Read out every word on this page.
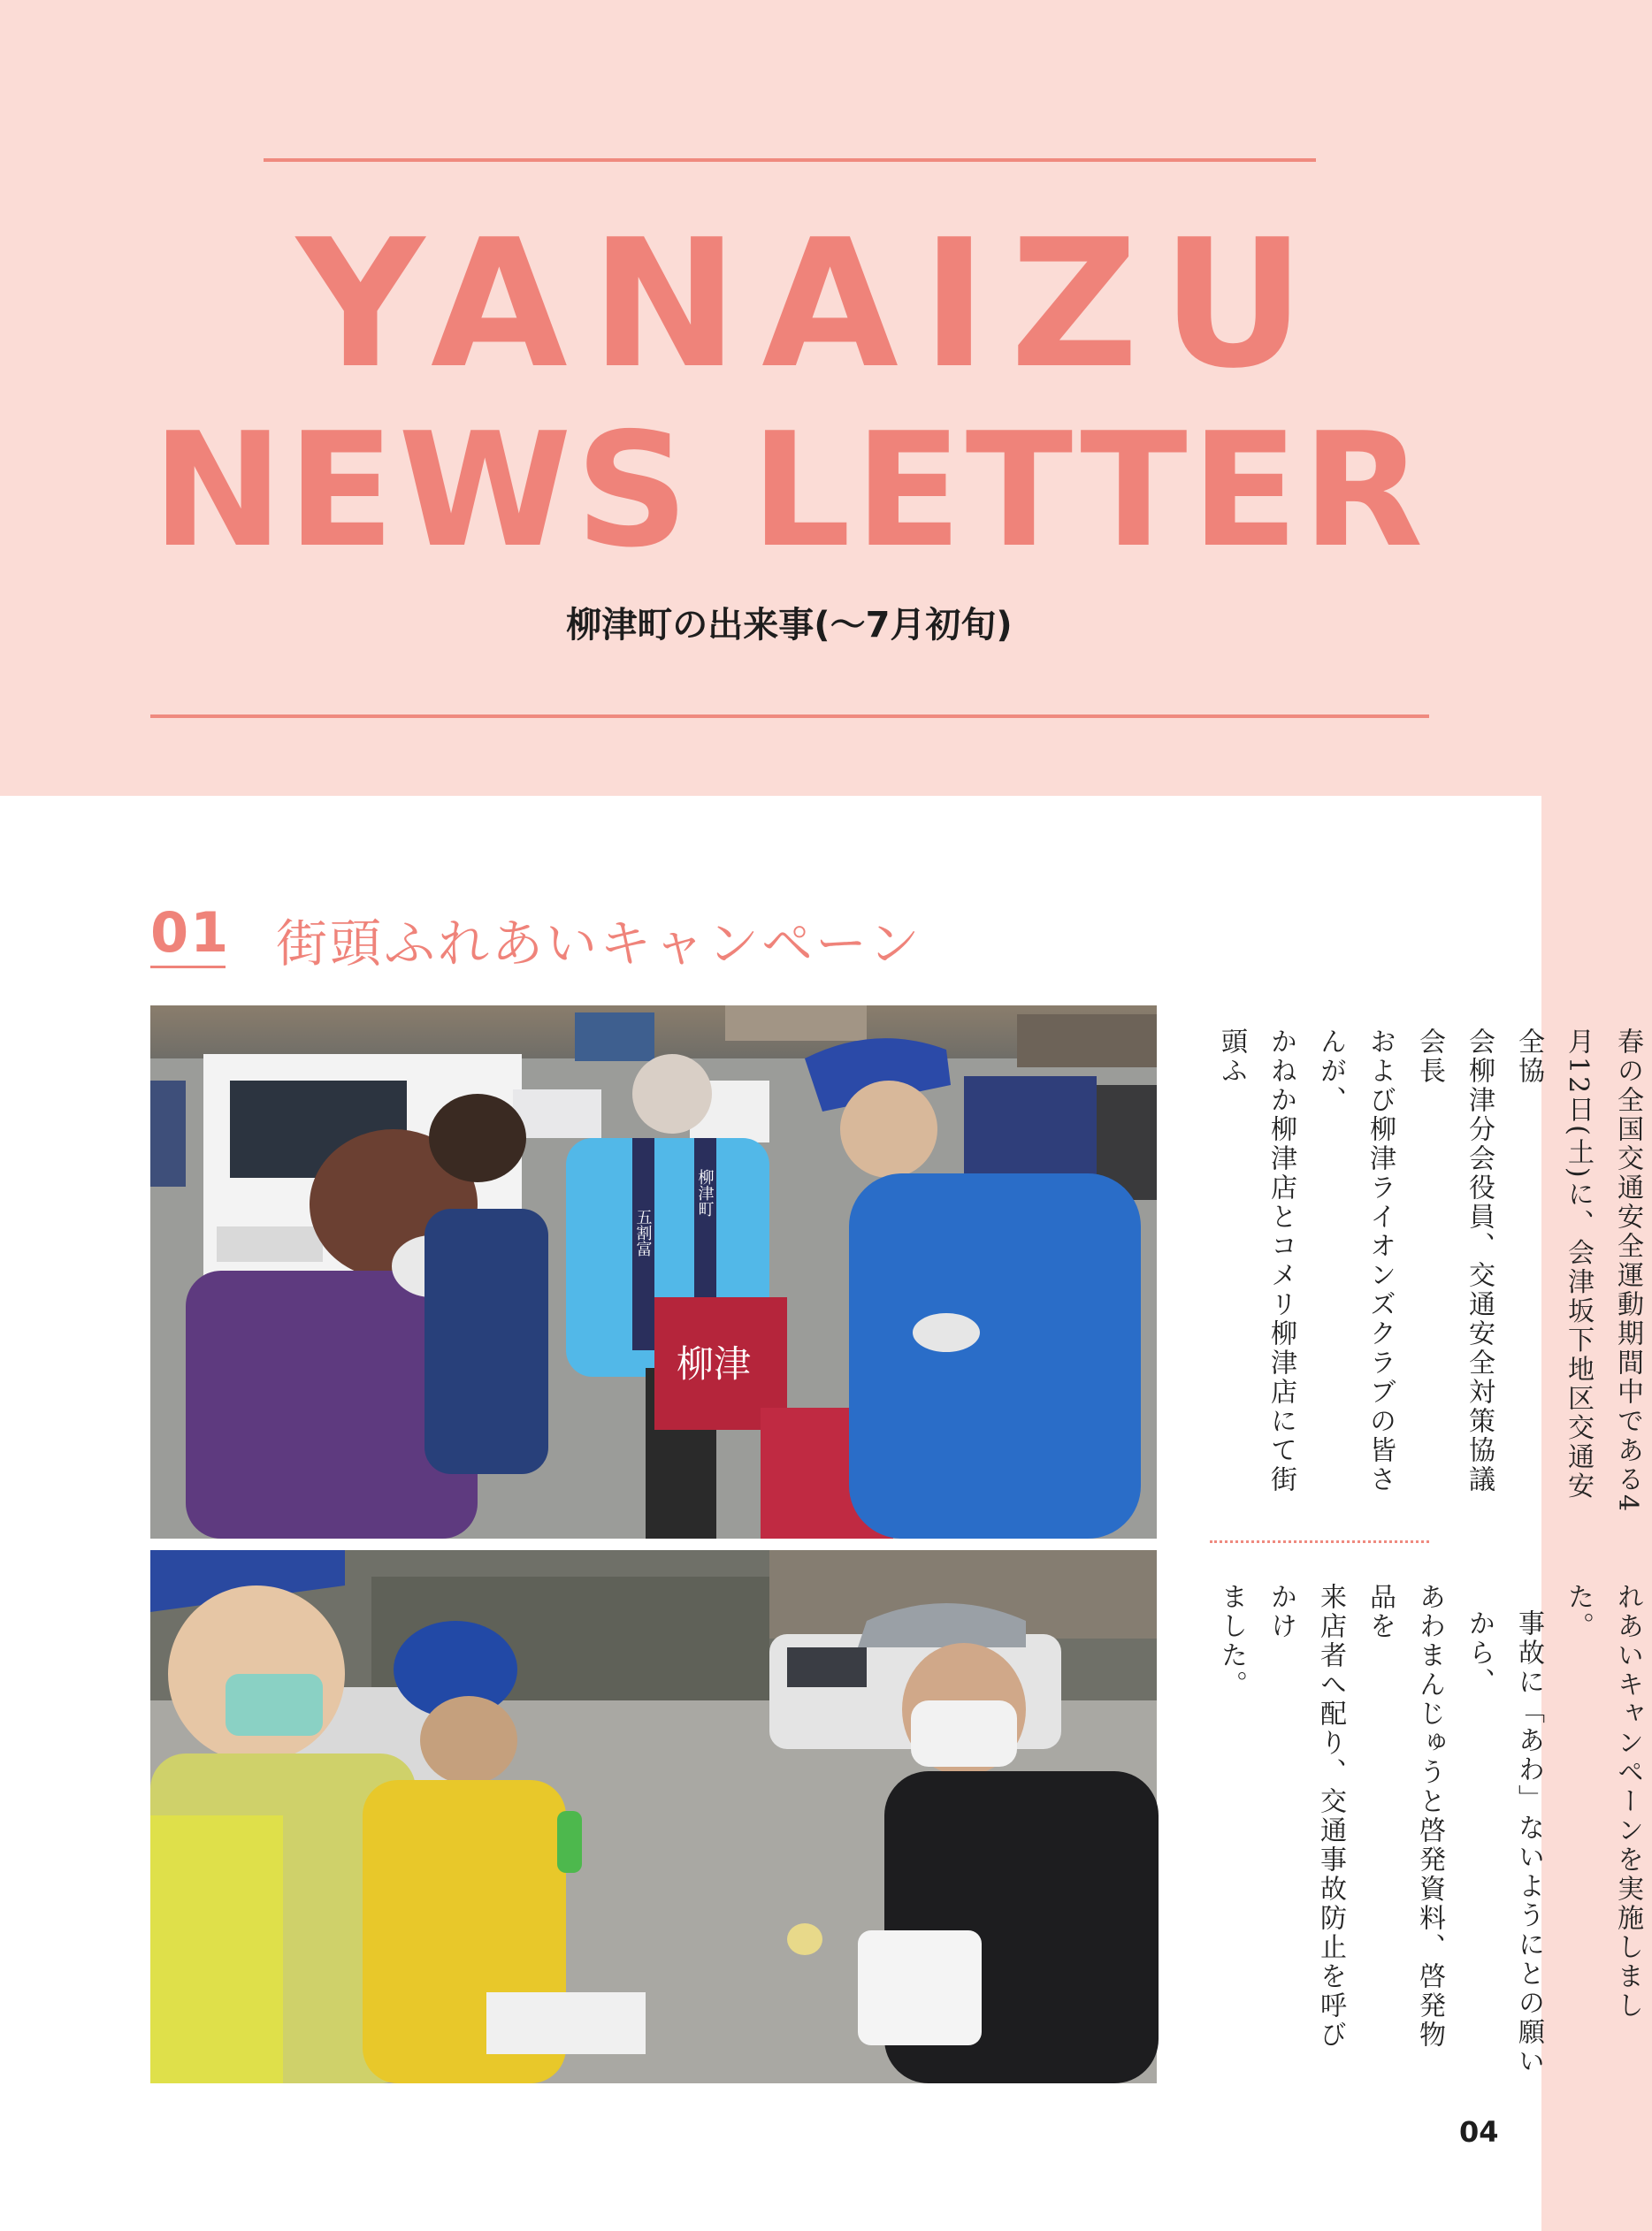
YANAIZU
NEWS LETTER
柳津町の出来事(～7月初旬)
01 街頭ふれあいキャンペーン
五割富
柳津町
柳津	春の全国交通安全運動期間中である4
月12日(土)に、会津坂下地区交通安全協
会柳津分会役員、交通安全対策協議会長
および柳津ライオンズクラブの皆さんが、
かねか柳津店とコメリ柳津店にて街頭ふ
れあいキャンペーンを実施しました。
事故に「あわ」ないようにとの願いから、
あわまんじゅうと啓発資料、啓発物品を
来店者へ配り、交通事故防止を呼びかけ
ました。
04
